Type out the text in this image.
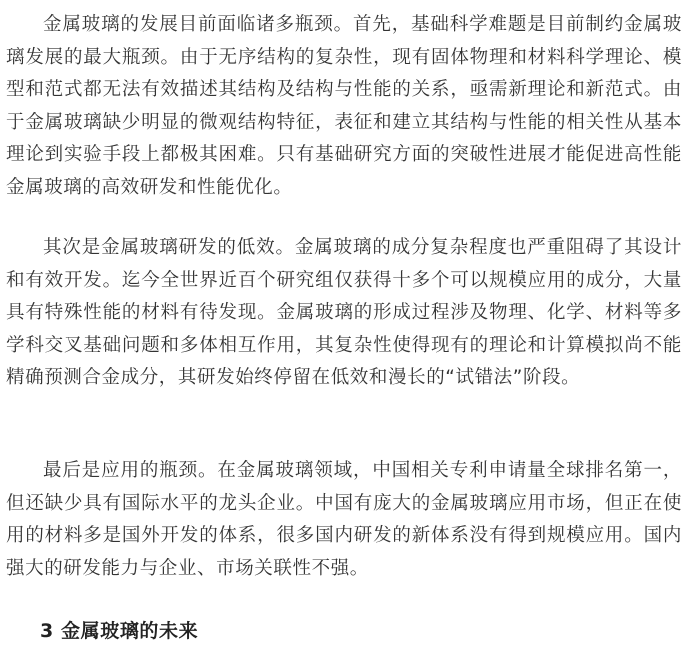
金属玻璃的发展目前面临诸多瓶颈。首先，基础科学难题是目前制约金属玻璃发展的最大瓶颈。由于无序结构的复杂性，现有固体物理和材料科学理论、模型和范式都无法有效描述其结构及结构与性能的关系，亟需新理论和新范式。由于金属玻璃缺少明显的微观结构特征，表征和建立其结构与性能的相关性从基本理论到实验手段上都极其困难。只有基础研究方面的突破性进展才能促进高性能金属玻璃的高效研发和性能优化。

其次是金属玻璃研发的低效。金属玻璃的成分复杂程度也严重阻碍了其设计和有效开发。迄今全世界近百个研究组仅获得十多个可以规模应用的成分，大量具有特殊性能的材料有待发现。金属玻璃的形成过程涉及物理、化学、材料等多学科交叉基础问题和多体相互作用，其复杂性使得现有的理论和计算模拟尚不能精确预测合金成分，其研发始终停留在低效和漫长的“试错法”阶段。

最后是应用的瓶颈。在金属玻璃领域，中国相关专利申请量全球排名第一，但还缺少具有国际水平的龙头企业。中国有庞大的金属玻璃应用市场，但正在使用的材料多是国外开发的体系，很多国内研发的新体系没有得到规模应用。国内强大的研发能力与企业、市场关联性不强。

3 金属玻璃的未来
